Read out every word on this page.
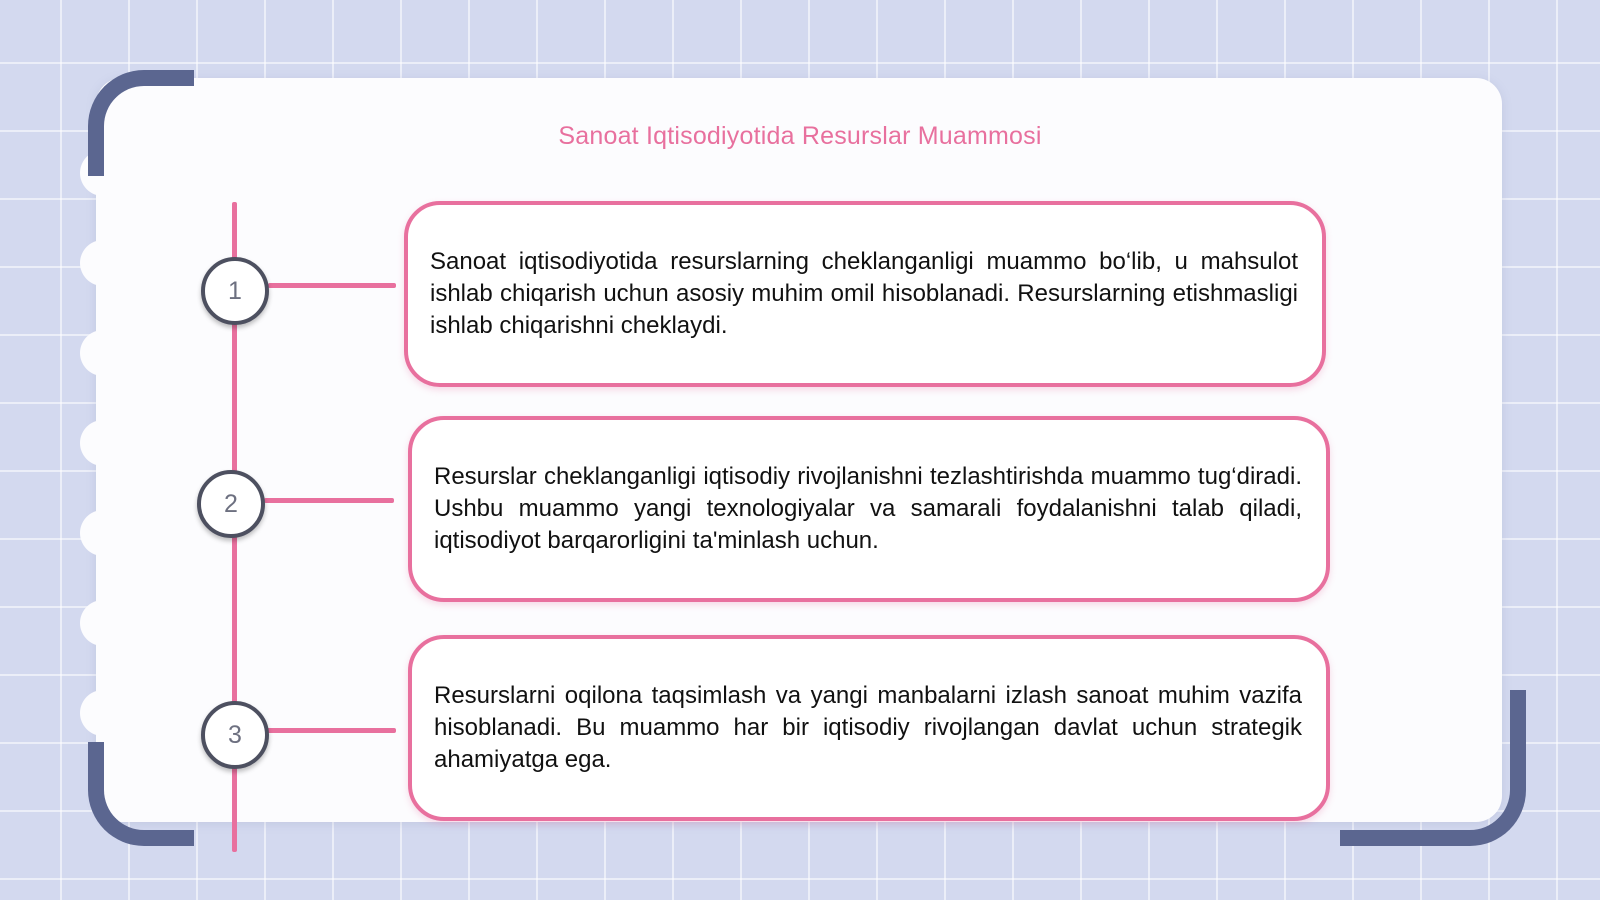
Sanoat Iqtisodiyotida Resurslar Muammosi
1
2
3

Sanoat iqtisodiyotida resurslarning cheklanganligi muammo bo‘lib, u mahsulot ishlab chiqarish uchun asosiy muhim omil hisoblanadi. Resurslarning etishmasligi ishlab chiqarishni cheklaydi.

Resurslar cheklanganligi iqtisodiy rivojlanishni tezlashtirishda muammo tug‘diradi. Ushbu muammo yangi texnologiyalar va samarali foydalanishni talab qiladi, iqtisodiyot barqarorligini ta'minlash uchun.

Resurslarni oqilona taqsimlash va yangi manbalarni izlash sanoat muhim vazifa hisoblanadi. Bu muammo har bir iqtisodiy rivojlangan davlat uchun strategik ahamiyatga ega.
